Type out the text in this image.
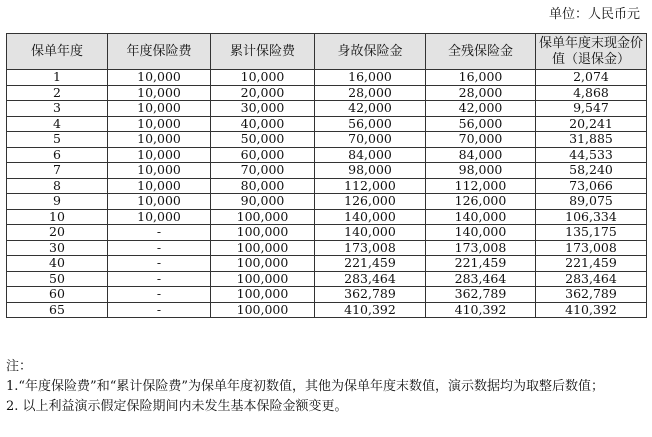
单位：人民币元
保单年度	年度保险费	累计保险费	身故保险金	全残保险金	保单年度末现金价值（退保金）
1	10,000	10,000	16,000	16,000	2,074
2	10,000	20,000	28,000	28,000	4,868
3	10,000	30,000	42,000	42,000	9,547
4	10,000	40,000	56,000	56,000	20,241
5	10,000	50,000	70,000	70,000	31,885
6	10,000	60,000	84,000	84,000	44,533
7	10,000	70,000	98,000	98,000	58,240
8	10,000	80,000	112,000	112,000	73,066
9	10,000	90,000	126,000	126,000	89,075
10	10,000	100,000	140,000	140,000	106,334
20	-	100,000	140,000	140,000	135,175
30	-	100,000	173,008	173,008	173,008
40	-	100,000	221,459	221,459	221,459
50	-	100,000	283,464	283,464	283,464
60	-	100,000	362,789	362,789	362,789
65	-	100,000	410,392	410,392	410,392

注：

1.“年度保险费”和“累计保险费”为保单年度初数值，其他为保单年度末数值，演示数据均为取整后数值；

2. 以上利益演示假定保险期间内未发生基本保险金额变更。
